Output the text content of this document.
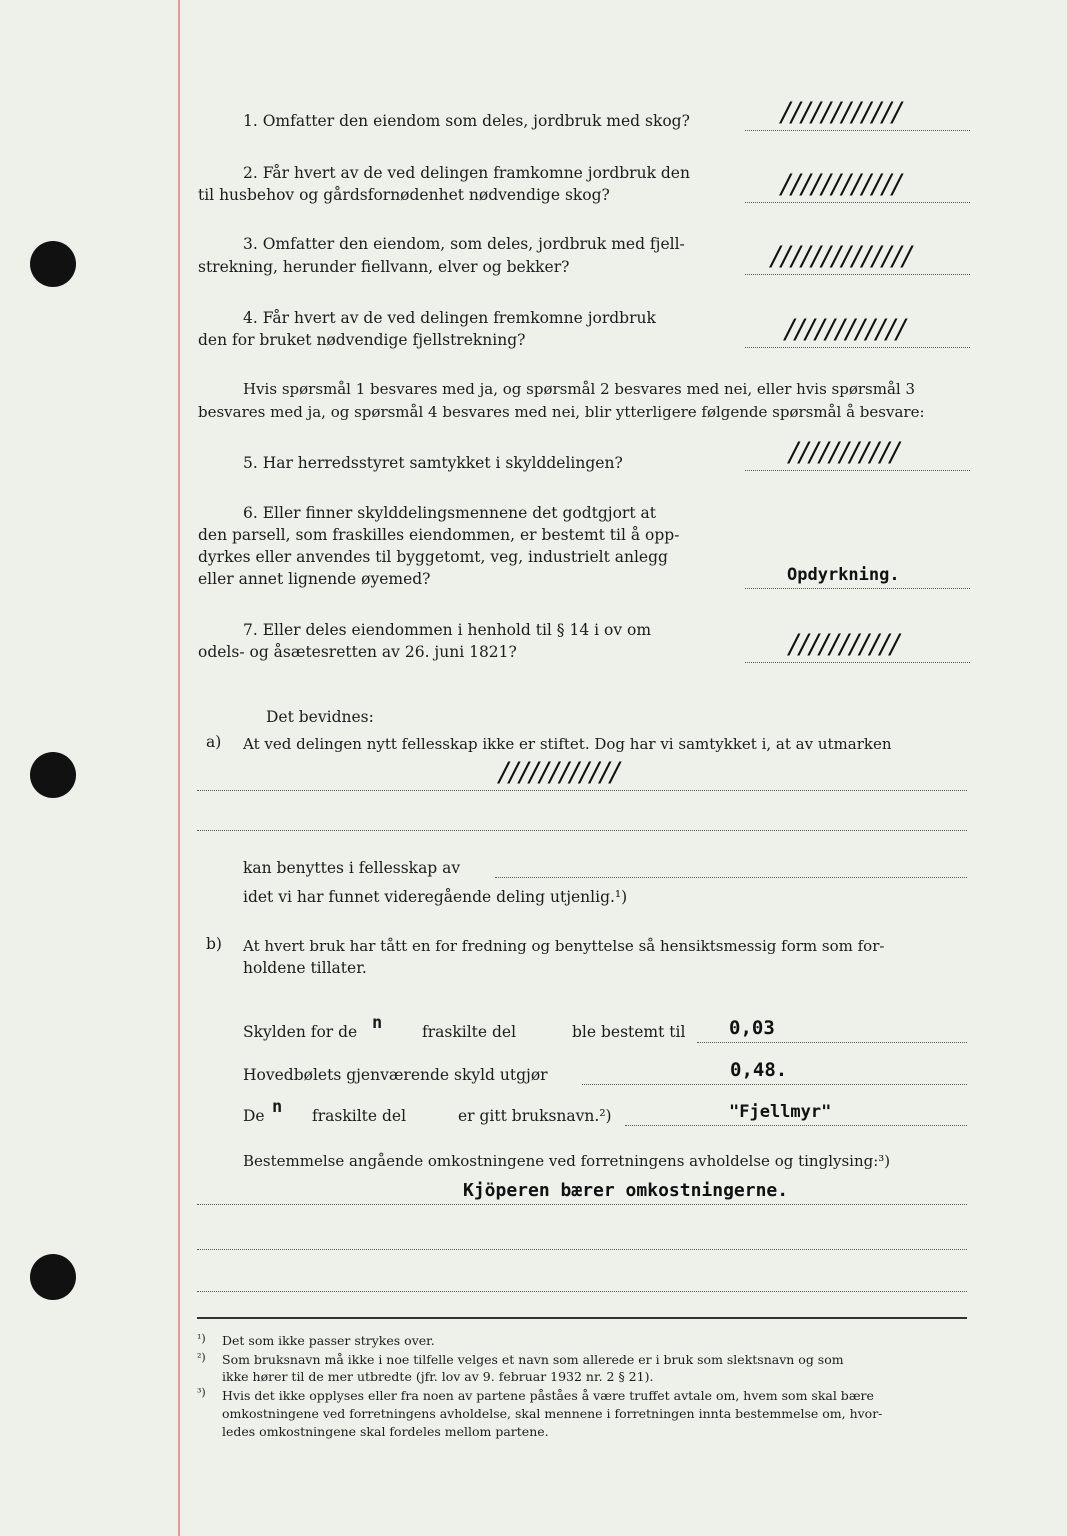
1. Omfatter den eiendom som deles, jordbruk med skog?	////////////
2. Får hvert av de ved delingen framkomne jordbruk den
til husbehov og gårdsfornødenhet nødvendige skog?	////////////
3. Omfatter den eiendom, som deles, jordbruk med fjell-
strekning, herunder fiellvann, elver og bekker?	//////////////
4. Får hvert av de ved delingen fremkomne jordbruk
den for bruket nødvendige fjellstrekning?	////////////
Hvis spørsmål 1 besvares med ja, og spørsmål 2 besvares med nei, eller hvis spørsmål 3
besvares med ja, og spørsmål 4 besvares med nei, blir ytterligere følgende spørsmål å besvare:
5. Har herredsstyret samtykket i skylddelingen?	///////////
6. Eller finner skylddelingsmennene det godtgjort at
den parsell, som fraskilles eiendommen, er bestemt til å opp-
dyrkes eller anvendes til byggetomt, veg, industrielt anlegg
eller annet lignende øyemed?	Opdyrkning.
7. Eller deles eiendommen i henhold til § 14 i ov om
odels- og åsætesretten av 26. juni 1821?	///////////
Det bevidnes:
a) At ved delingen nytt fellesskap ikke er stiftet. Dog har vi samtykket i, at av utmarken
////////////
kan benyttes i fellesskap av
idet vi har funnet videregående deling utjenlig.¹)
b) At hvert bruk har tått en for fredning og benyttelse så hensiktsmessig form som for-
holdene tillater.
Skylden for de n	fraskilte del	ble bestemt til 0,03
Hovedbølets gjenværende skyld utgjør	0,48.
De n fraskilte del	er gitt bruksnavn.²)	"Fjellmyr"
Bestemmelse angående omkostningene ved forretningens avholdelse og tinglysing:³)
Kjöperen bærer omkostningerne.
¹) Det som ikke passer strykes over.
²) Som bruksnavn må ikke i noe tilfelle velges et navn som allerede er i bruk som slektsnavn og som
ikke hører til de mer utbredte (jfr. lov av 9. februar 1932 nr. 2 § 21).
³) Hvis det ikke opplyses eller fra noen av partene påståes å være truffet avtale om, hvem som skal bære
omkostningene ved forretningens avholdelse, skal mennene i forretningen innta bestemmelse om, hvor-
ledes omkostningene skal fordeles mellom partene.
